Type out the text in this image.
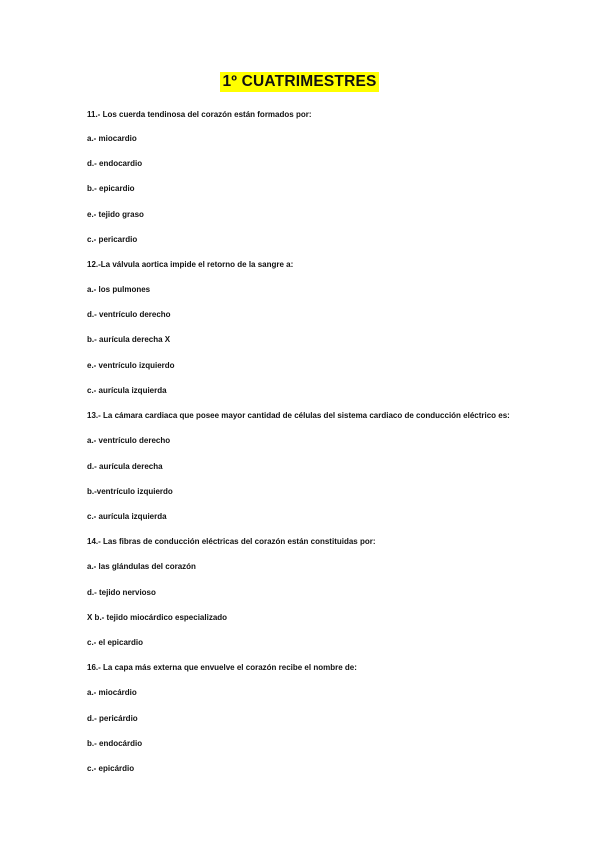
1º CUATRIMESTRES
11.- Los cuerda tendinosa del corazón están formados por:
a.- miocardio
d.- endocardio
b.- epicardio
e.- tejido graso
c.- pericardio
12.-La válvula aortica impide el retorno de la sangre a:
a.- los pulmones
d.- ventrículo derecho
b.- aurícula derecha X
e.- ventrículo izquierdo
c.- aurícula izquierda
13.- La cámara cardiaca que posee mayor cantidad de células del sistema cardiaco de conducción eléctrico es:
a.- ventrículo derecho
d.- aurícula derecha
b.-ventrículo izquierdo
c.- aurícula izquierda
14.- Las fibras de conducción eléctricas del corazón están constituidas por:
a.- las glándulas del corazón
d.- tejido nervioso
X b.- tejido miocárdico especializado
c.- el epicardio
16.- La capa más externa que envuelve el corazón recibe el nombre de:
a.- miocárdio
d.- pericárdio
b.- endocárdio
c.- epicárdio
